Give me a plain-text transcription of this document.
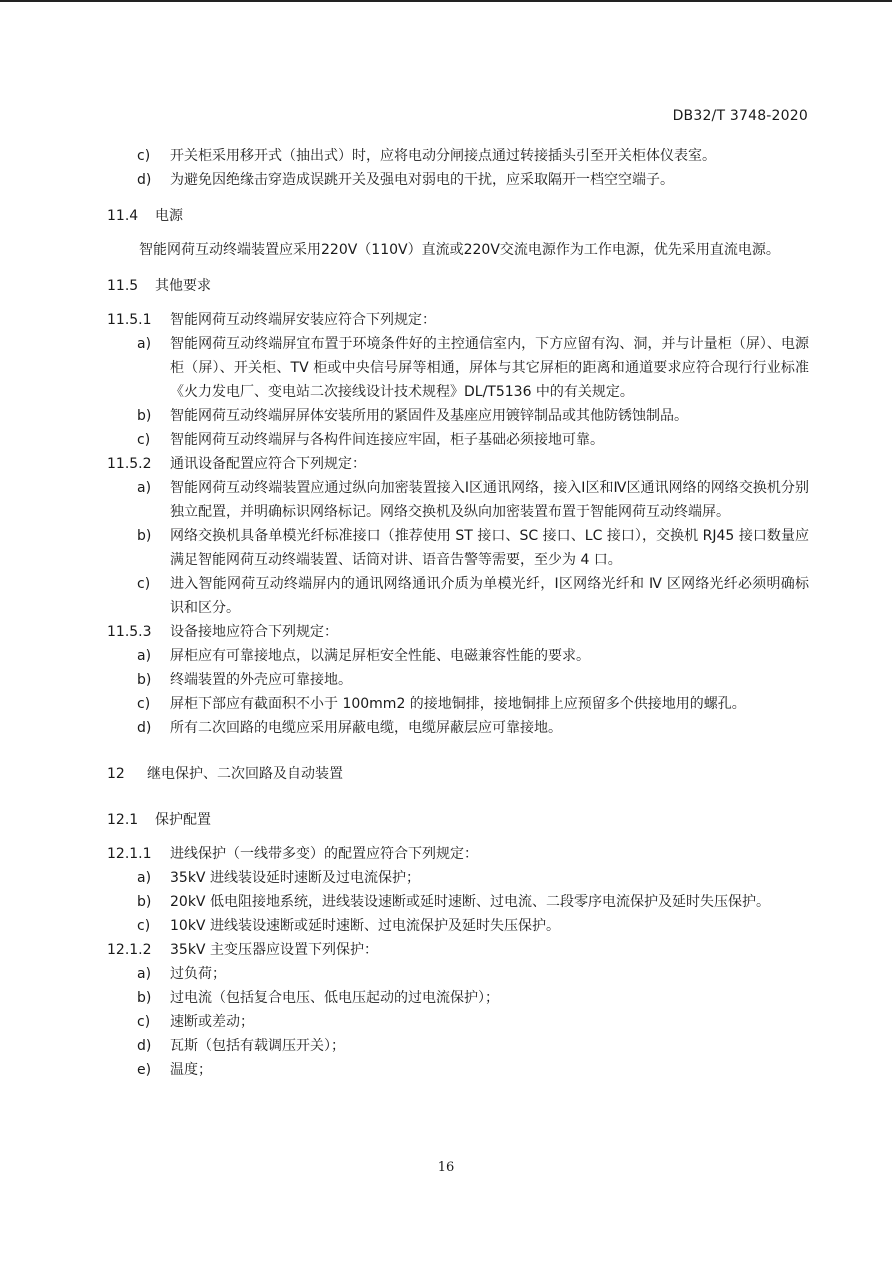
DB32/T 3748-2020
c)	开关柜采用移开式（抽出式）时，应将电动分闸接点通过转接插头引至开关柜体仪表室。
d)	为避免因绝缘击穿造成误跳开关及强电对弱电的干扰，应采取隔开一档空空端子。
11.4	电源
智能网荷互动终端装置应采用220V（110V）直流或220V交流电源作为工作电源，优先采用直流电源。
11.5	其他要求
11.5.1	智能网荷互动终端屏安装应符合下列规定：
a)	智能网荷互动终端屏宜布置于环境条件好的主控通信室内，下方应留有沟、洞，并与计量柜（屏）、电源柜（屏）、开关柜、TV 柜或中央信号屏等相通，屏体与其它屏柜的距离和通道要求应符合现行行业标准《火力发电厂、变电站二次接线设计技术规程》DL/T5136 中的有关规定。
b)	智能网荷互动终端屏屏体安装所用的紧固件及基座应用镀锌制品或其他防锈蚀制品。
c)	智能网荷互动终端屏与各构件间连接应牢固，柜子基础必须接地可靠。
11.5.2	通讯设备配置应符合下列规定：
a)	智能网荷互动终端装置应通过纵向加密装置接入Ⅰ区通讯网络，接入Ⅰ区和Ⅳ区通讯网络的网络交换机分别独立配置，并明确标识网络标记。网络交换机及纵向加密装置布置于智能网荷互动终端屏。
b)	网络交换机具备单模光纤标准接口（推荐使用 ST 接口、SC 接口、LC 接口），交换机 RJ45 接口数量应满足智能网荷互动终端装置、话筒对讲、语音告警等需要，至少为 4 口。
c)	进入智能网荷互动终端屏内的通讯网络通讯介质为单模光纤，Ⅰ区网络光纤和 Ⅳ 区网络光纤必须明确标识和区分。
11.5.3	设备接地应符合下列规定：
a)	屏柜应有可靠接地点，以满足屏柜安全性能、电磁兼容性能的要求。
b)	终端装置的外壳应可靠接地。
c)	屏柜下部应有截面积不小于 100mm2 的接地铜排，接地铜排上应预留多个供接地用的螺孔。
d)	所有二次回路的电缆应采用屏蔽电缆，电缆屏蔽层应可靠接地。
12	继电保护、二次回路及自动装置
12.1	保护配置
12.1.1	进线保护（一线带多变）的配置应符合下列规定：
a)	35kV 进线装设延时速断及过电流保护；
b)	20kV 低电阻接地系统，进线装设速断或延时速断、过电流、二段零序电流保护及延时失压保护。
c)	10kV 进线装设速断或延时速断、过电流保护及延时失压保护。
12.1.2	35kV 主变压器应设置下列保护：
a)	过负荷；
b)	过电流（包括复合电压、低电压起动的过电流保护）；
c)	速断或差动；
d)	瓦斯（包括有载调压开关）；
e)	温度；
16
